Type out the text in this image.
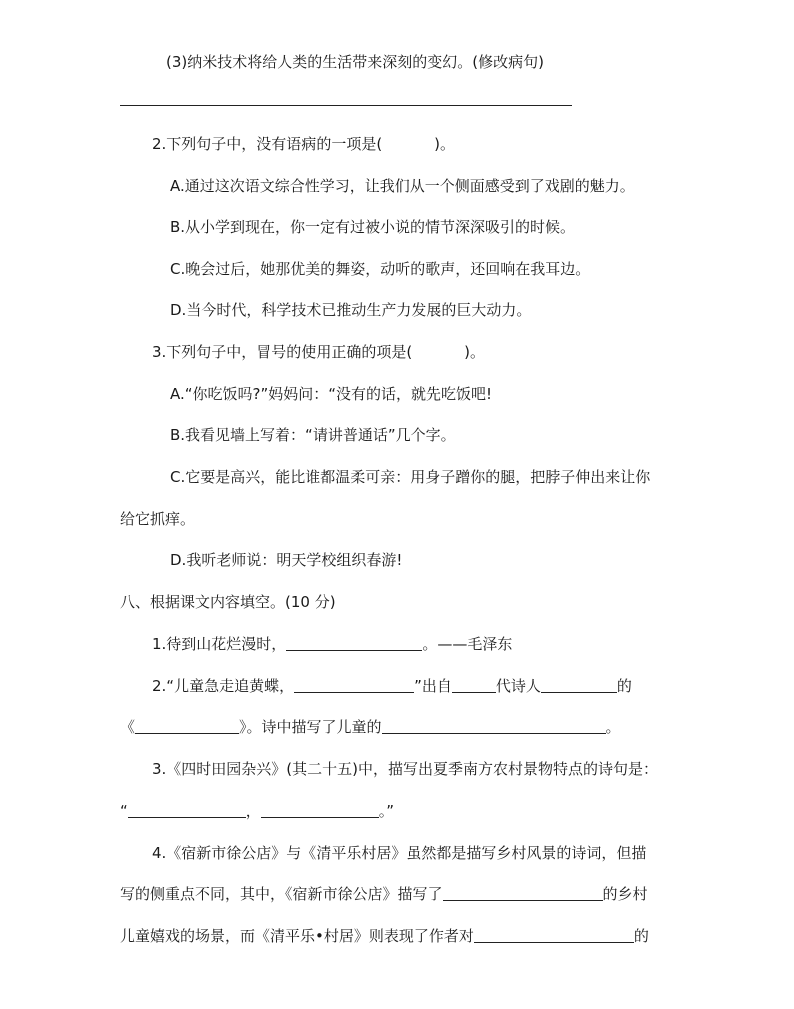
(3)纳米技术将给人类的生活带来深刻的变幻。(修改病句)
2.下列句子中，没有语病的一项是(	)。
A.通过这次语文综合性学习，让我们从一个侧面感受到了戏剧的魅力。
B.从小学到现在，你一定有过被小说的情节深深吸引的时候。
C.晚会过后，她那优美的舞姿，动听的歌声，还回响在我耳边。
D.当今时代，科学技术已推动生产力发展的巨大动力。
3.下列句子中，冒号的使用正确的项是(	)。
A.“你吃饭吗?”妈妈问：“没有的话，就先吃饭吧!
B.我看见墙上写着：“请讲普通话”几个字。
C.它要是高兴，能比谁都温柔可亲：用身子蹭你的腿，把脖子伸出来让你
给它抓痒。
D.我听老师说：明天学校组织春游!
八、根据课文内容填空。(10 分)
1.待到山花烂漫时，	。——毛泽东
2.“儿童急走追黄蝶，	”出自	代诗人	的
《	》。诗中描写了儿童的	。
3.《四时田园杂兴》(其二十五)中，描写出夏季南方农村景物特点的诗句是：
“	，	。”
4.《宿新市徐公店》与《清平乐村居》虽然都是描写乡村风景的诗词，但描
写的侧重点不同，其中，《宿新市徐公店》描写了	的乡村
儿童嬉戏的场景，而《清平乐•村居》则表现了作者对	的
